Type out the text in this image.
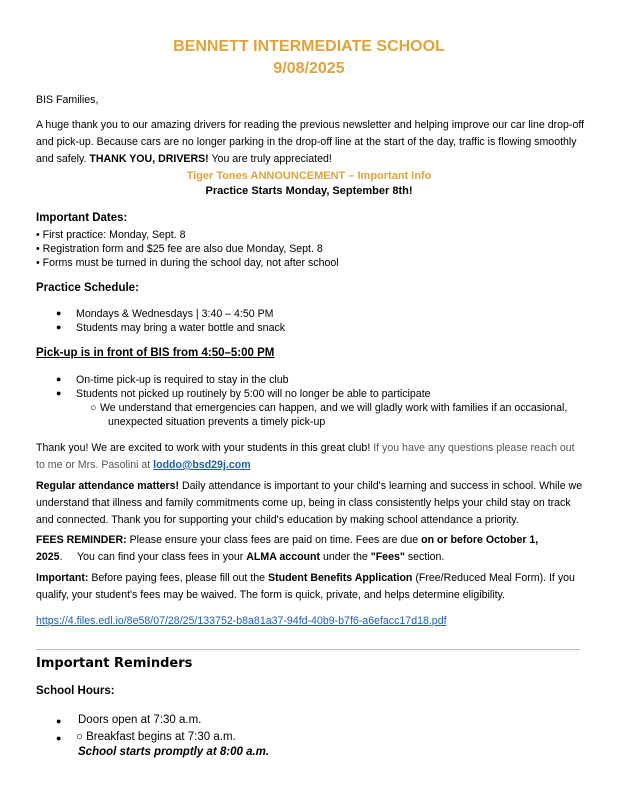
BENNETT INTERMEDIATE SCHOOL
9/08/2025

BIS Families,

A huge thank you to our amazing drivers for reading the previous newsletter and helping improve our car line drop-off and pick-up. Because cars are no longer parking in the drop-off line at the start of the day, traffic is flowing smoothly and safely. THANK YOU, DRIVERS! You are truly appreciated!

Tiger Tones ANNOUNCEMENT – Important Info
Practice Starts Monday, September 8th!
Important Dates:
• First practice: Monday, Sept. 8
• Registration form and $25 fee are also due Monday, Sept. 8
• Forms must be turned in during the school day, not after school
Practice Schedule:
● Mondays & Wednesdays | 3:40 – 4:50 PM
● Students may bring a water bottle and snack
Pick-up is in front of BIS from 4:50–5:00 PM
● On-time pick-up is required to stay in the club
● Students not picked up routinely by 5:00 will no longer be able to participate
○ We understand that emergencies can happen, and we will gladly work with families if an occasional,
unexpected situation prevents a timely pick-up

Thank you! We are excited to work with your students in this great club! If you have any questions please reach out to me or Mrs. Pasolini at loddo@bsd29j.com

Regular attendance matters! Daily attendance is important to your child's learning and success in school. While we understand that illness and family commitments come up, being in class consistently helps your child stay on track and connected. Thank you for supporting your child's education by making school attendance a priority.

FEES REMINDER: Please ensure your class fees are paid on time. Fees are due on or before October 1, 2025.     You can find your class fees in your ALMA account under the "Fees" section.

Important: Before paying fees, please fill out the Student Benefits Application (Free/Reduced Meal Form). If you qualify, your student's fees may be waived. The form is quick, private, and helps determine eligibility.

https://4.files.edl.io/8e58/07/28/25/133752-b8a81a37-94fd-40b9-b7f6-a6efacc17d18.pdf
Important Reminders
School Hours:
● Doors open at 7:30 a.m.
● ○ Breakfast begins at 7:30 a.m.
School starts promptly at 8:00 a.m.
